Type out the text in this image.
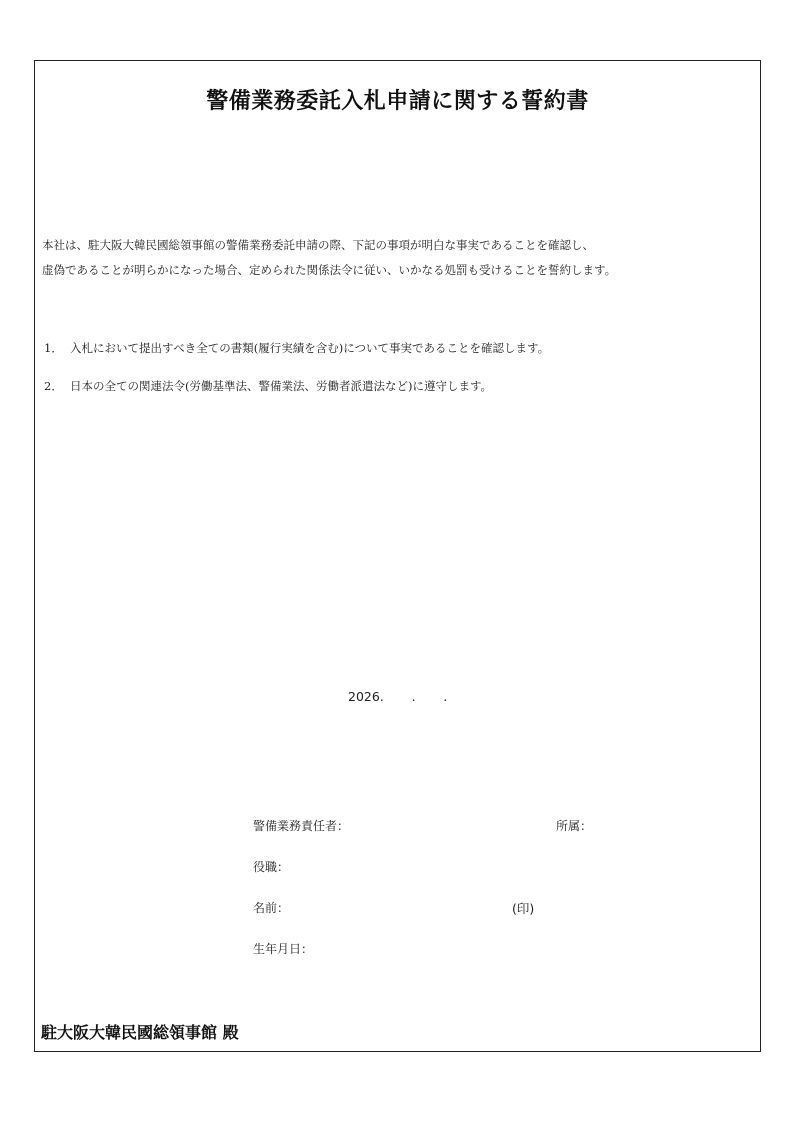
警備業務委託入札申請に関する誓約書
本社は、駐大阪大韓民國総領事館の警備業務委託申請の際、下記の事項が明白な事実であることを確認し、
虚偽であることが明らかになった場合、定められた関係法令に従い、いかなる処罰も受けることを誓約します。
1． 入札において提出すべき全ての書類(履行実績を含む)について事実であることを確認します。
2． 日本の全ての関連法令(労働基準法、警備業法、労働者派遣法など)に遵守します。
2026.       .       .
警備業務責任者：	所属：
役職：
名前：	(印)
生年月日：
駐大阪大韓民國総領事館 殿
